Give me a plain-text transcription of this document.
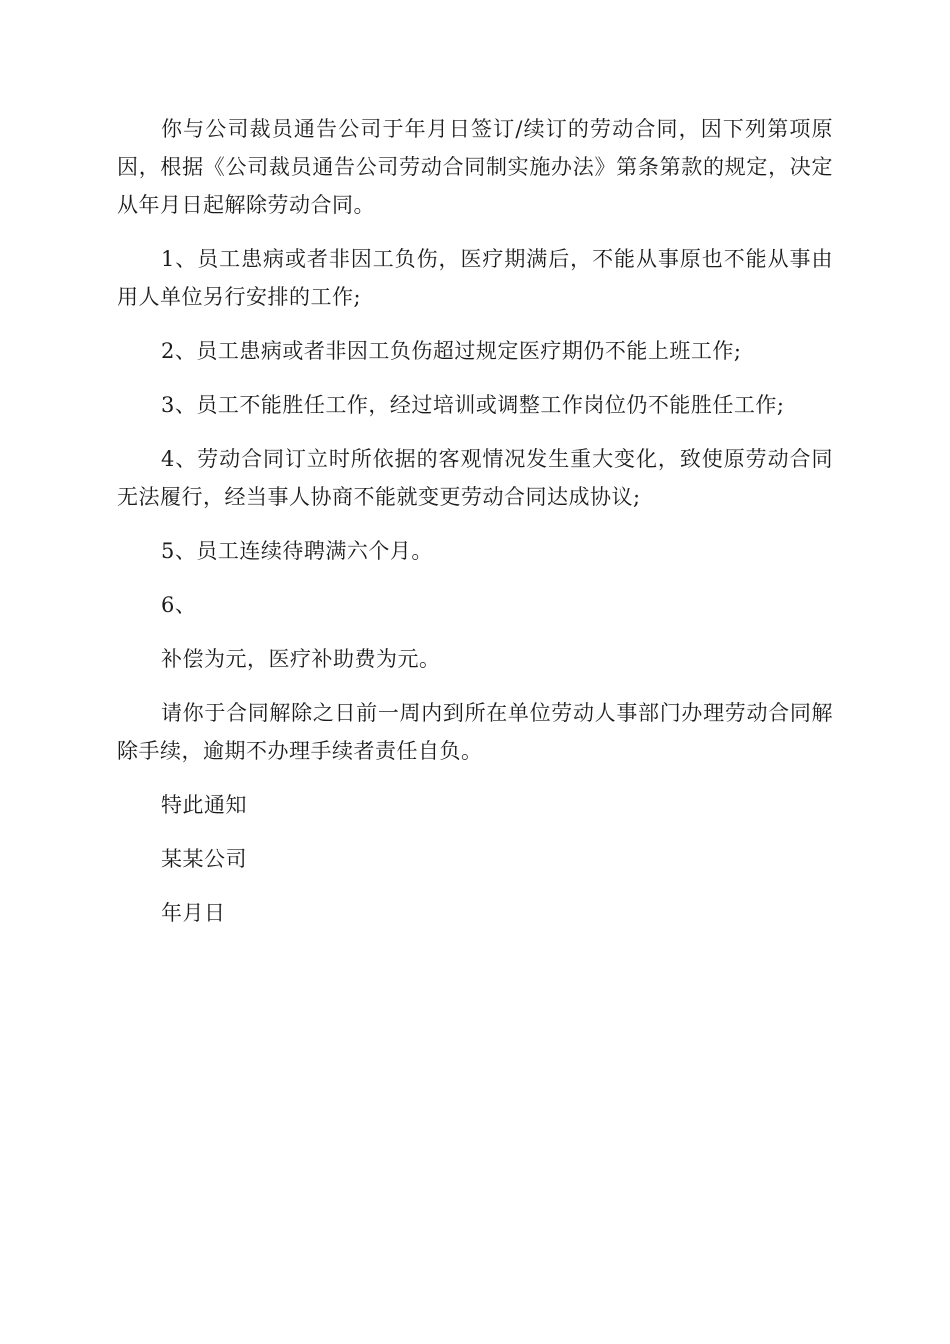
你与公司裁员通告公司于年月日签订/续订的劳动合同，因下列第项原因，根据《公司裁员通告公司劳动合同制实施办法》第条第款的规定，决定从年月日起解除劳动合同。

1、员工患病或者非因工负伤，医疗期满后，不能从事原也不能从事由用人单位另行安排的工作;

2、员工患病或者非因工负伤超过规定医疗期仍不能上班工作;

3、员工不能胜任工作，经过培训或调整工作岗位仍不能胜任工作;

4、劳动合同订立时所依据的客观情况发生重大变化，致使原劳动合同无法履行，经当事人协商不能就变更劳动合同达成协议;

5、员工连续待聘满六个月。

6、

补偿为元，医疗补助费为元。

请你于合同解除之日前一周内到所在单位劳动人事部门办理劳动合同解除手续，逾期不办理手续者责任自负。

特此通知

某某公司

年月日
